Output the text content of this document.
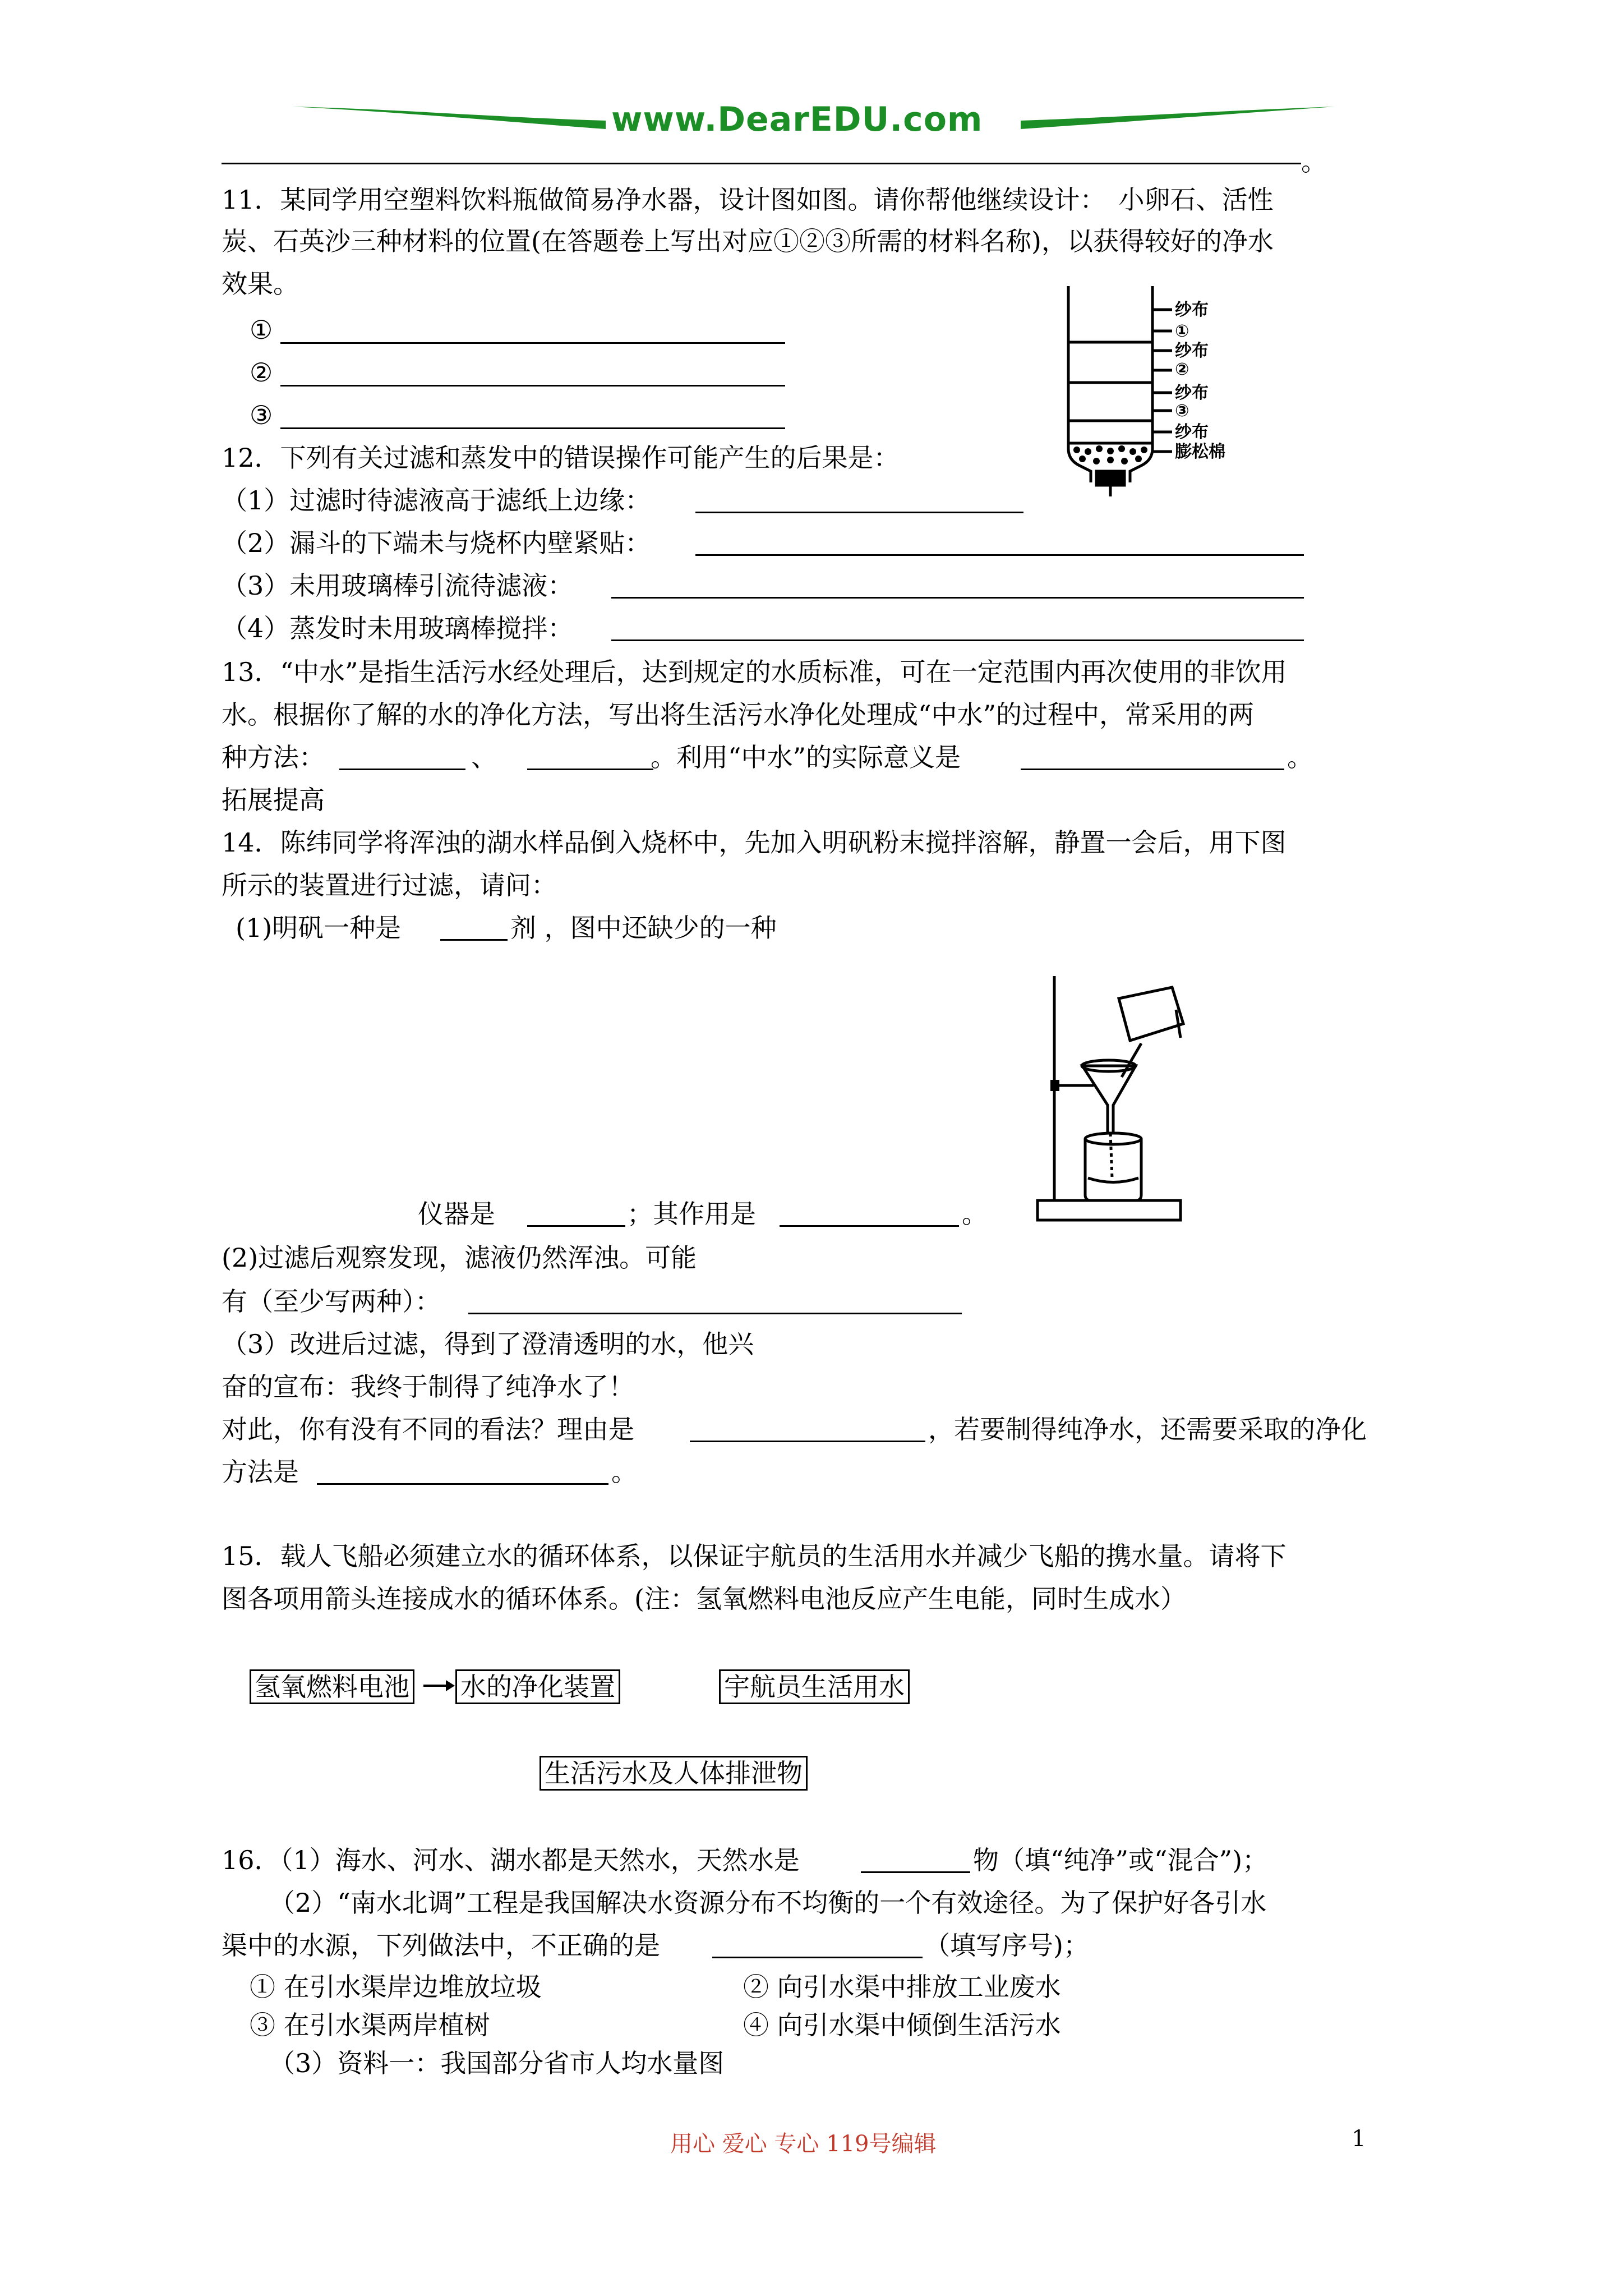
www.DearEDU.com
。
11．某同学用空塑料饮料瓶做简易净水器，设计图如图。请你帮他继续设计：　小卵石、活性
炭、石英沙三种材料的位置(在答题卷上写出对应①②③所需的材料名称)，以获得较好的净水
效果。
①
②
③
纱布
①
纱布
②
纱布
③
纱布
膨松棉
12．下列有关过滤和蒸发中的错误操作可能产生的后果是：
（1）过滤时待滤液高于滤纸上边缘：
（2）漏斗的下端未与烧杯内壁紧贴：
（3）未用玻璃棒引流待滤液：
（4）蒸发时未用玻璃棒搅拌：
13．“中水”是指生活污水经处理后，达到规定的水质标准，可在一定范围内再次使用的非饮用
水。根据你了解的水的净化方法，写出将生活污水净化处理成“中水”的过程中，常采用的两
种方法：	、	。利用“中水”的实际意义是	。
拓展提高
14．陈纬同学将浑浊的湖水样品倒入烧杯中，先加入明矾粉末搅拌溶解，静置一会后，用下图
所示的装置进行过滤，请问：
(1)明矾一种是	剂 ，图中还缺少的一种
仪器是	；其作用是	。
(2)过滤后观察发现，滤液仍然浑浊。可能
有（至少写两种）：
（3）改进后过滤，得到了澄清透明的水，他兴
奋的宣布：我终于制得了纯净水了！
对此，你有没有不同的看法？理由是	，若要制得纯净水，还需要采取的净化
方法是	。
15．载人飞船必须建立水的循环体系，以保证宇航员的生活用水并减少飞船的携水量。请将下
图各项用箭头连接成水的循环体系。(注：氢氧燃料电池反应产生电能，同时生成水）
氢氧燃料电池 水的净化装置	宇航员生活用水
生活污水及人体排泄物
16．（1）海水、河水、湖水都是天然水，天然水是	物（填“纯净”或“混合”)；
（2）“南水北调”工程是我国解决水资源分布不均衡的一个有效途径。为了保护好各引水
渠中的水源，下列做法中，不正确的是	（填写序号)；
① 在引水渠岸边堆放垃圾	② 向引水渠中排放工业废水
③ 在引水渠两岸植树	④ 向引水渠中倾倒生活污水
（3）资料一：我国部分省市人均水量图
用心 爱心 专心 119号编辑	1
